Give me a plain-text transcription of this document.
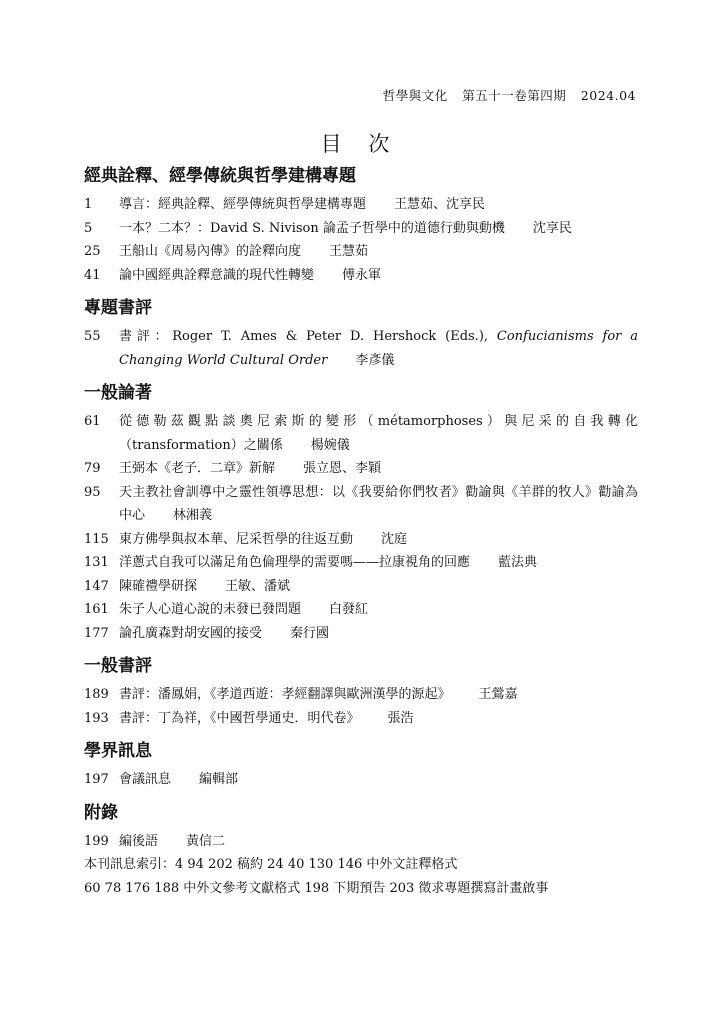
哲學與文化 第五十一卷第四期 2024.04
目 次
經典詮釋、經學傳統與哲學建構專題
1	導言：經典詮釋、經學傳統與哲學建構專題 王慧茹、沈享民
5	一本？二本？：David S. Nivison 論孟子哲學中的道德行動與動機 沈享民
25	王船山《周易內傳》的詮釋向度 王慧茹
41	論中國經典詮釋意識的現代性轉變 傅永軍
專題書評
55	書評：Roger T. Ames & Peter D. Hershock (Eds.), Confucianisms for a Changing World Cultural Order 李彥儀
一般論著
61	從德勒茲觀點談奧尼索斯的變形（métamorphoses）與尼采的自我轉化（transformation）之關係 楊婉儀
79	王弼本《老子．二章》新解 張立恩、李穎
95	天主教社會訓導中之靈性領導思想：以《我要給你們牧者》勸諭與《羊群的牧人》勸諭為中心 林湘義
115 東方佛學與叔本華、尼采哲學的往返互動 沈庭
131 洋蔥式自我可以滿足角色倫理學的需要嗎——拉康視角的回應 藍法典
147 陳確禮學研探 王敏、潘斌
161 朱子人心道心說的未發已發問題 白發紅
177 論孔廣森對胡安國的接受 秦行國
一般書評
189 書評：潘鳳娟，《孝道西遊：孝經翻譯與歐洲漢學的源起》 王鶯嘉
193 書評：丁為祥，《中國哲學通史．明代卷》 張浩
學界訊息
197 會議訊息 編輯部
附錄
199 編後語 黃信二
本刊訊息索引：4 94 202 稿約 24 40 130 146 中外文註釋格式
60 78 176 188 中外文參考文獻格式 198 下期預告 203 徵求專題撰寫計畫啟事
